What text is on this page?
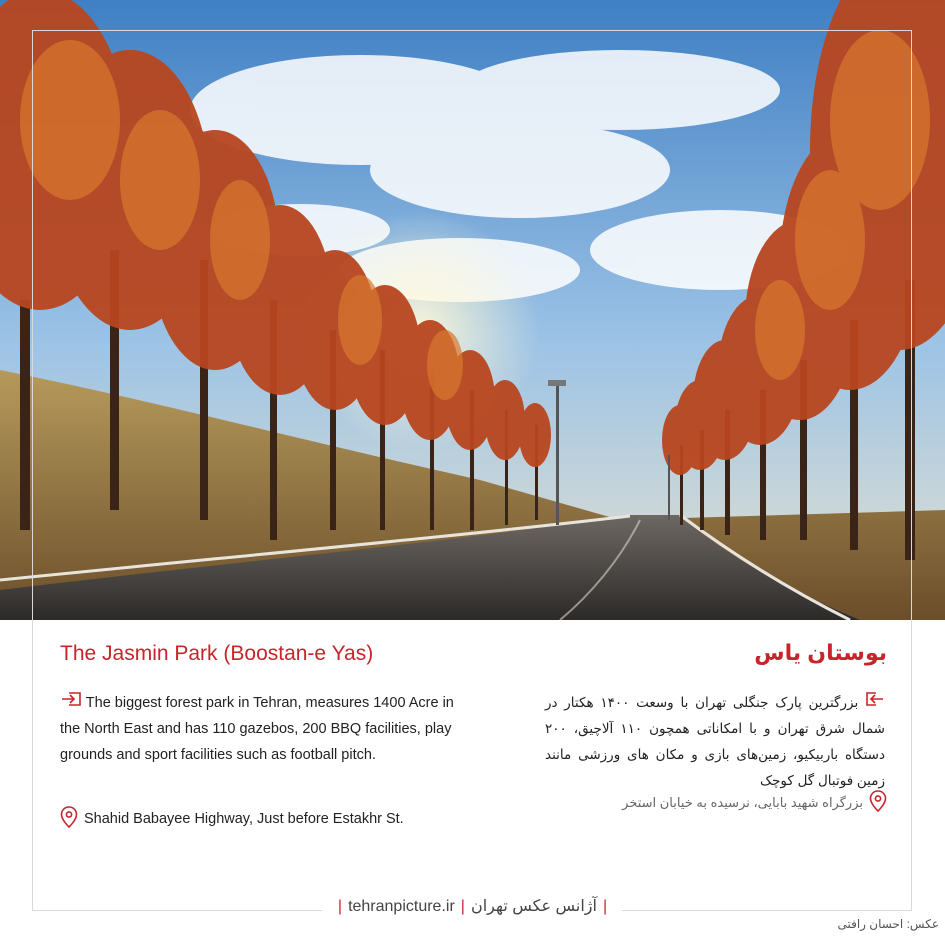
The Jasmin Park (Boostan-e Yas)	بوستان یاس
The biggest forest park in Tehran, measures 1400 Acre in the North East and has 110 gazebos, 200 BBQ facilities, play grounds and sport facilities such as football pitch.
بزرگترین پارک جنگلی تهران با وسعت ۱۴۰۰ هکتار در شمال شرق تهران و با امکاناتی همچون ۱۱۰ آلاچیق، ۲۰۰ دستگاه باربیکیو، زمین‌های بازی و مکان های ورزشی مانند زمین فوتبال گل کوچک
Shahid Babayee Highway, Just before Estakhr St.
بزرگراه شهید بابایی، نرسیده به خیابان استخر
| tehranpicture.ir | آژانس عکس تهران |
عکس: احسان رافتی
